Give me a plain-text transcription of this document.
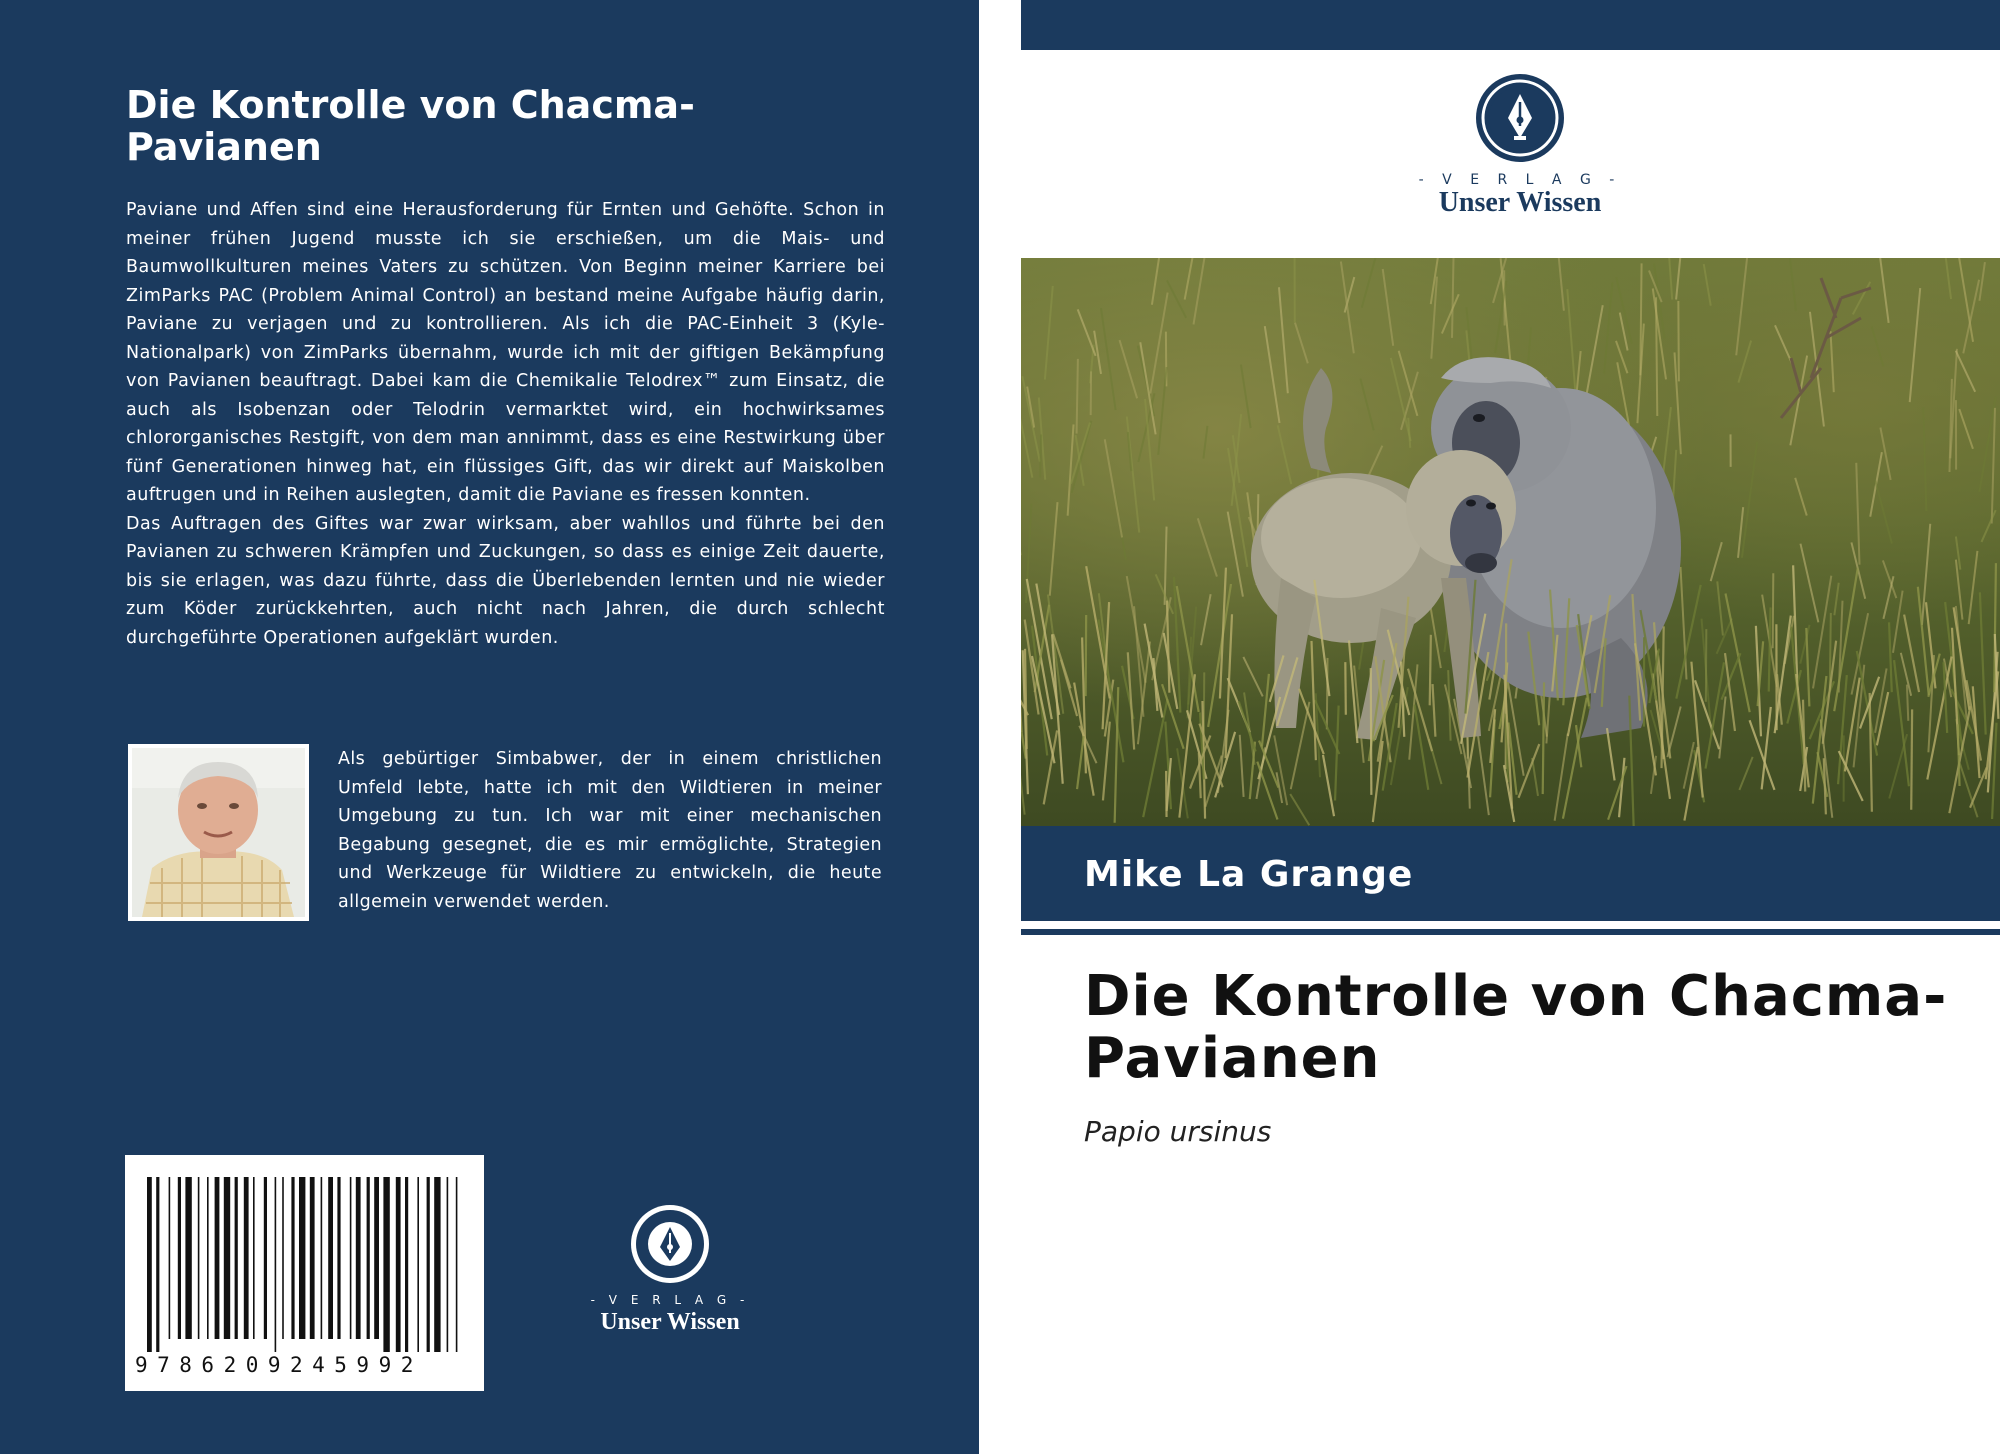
Die Kontrolle von Chacma-Pavianen

Paviane und Affen sind eine Herausforderung für Ernten und Gehöfte. Schon in meiner frühen Jugend musste ich sie erschießen, um die Mais- und Baumwollkulturen meines Vaters zu schützen. Von Beginn meiner Karriere bei ZimParks PAC (Problem Animal Control) an bestand meine Aufgabe häufig darin, Paviane zu verjagen und zu kontrollieren. Als ich die PAC-Einheit 3 (Kyle-Nationalpark) von ZimParks übernahm, wurde ich mit der giftigen Bekämpfung von Pavianen beauftragt. Dabei kam die Chemikalie Telodrex™ zum Einsatz, die auch als Isobenzan oder Telodrin vermarktet wird, ein hochwirksames chlororganisches Restgift, von dem man annimmt, dass es eine Restwirkung über fünf Generationen hinweg hat, ein flüssiges Gift, das wir direkt auf Maiskolben auftrugen und in Reihen auslegten, damit die Paviane es fressen konnten.

Das Auftragen des Giftes war zwar wirksam, aber wahllos und führte bei den Pavianen zu schweren Krämpfen und Zuckungen, so dass es einige Zeit dauerte, bis sie erlagen, was dazu führte, dass die Überlebenden lernten und nie wieder zum Köder zurückkehrten, auch nicht nach Jahren, die durch schlecht durchgeführte Operationen aufgeklärt wurden.

Als gebürtiger Simbabwer, der in einem christlichen Umfeld lebte, hatte ich mit den Wildtieren in meiner Umgebung zu tun. Ich war mit einer mechanischen Begabung gesegnet, die es mir ermöglichte, Strategien und Werkzeuge für Wildtiere zu entwickeln, die heute allgemein verwendet werden.
9786209245992
- V E R L A G -
Unser Wissen
- V E R L A G -
Unser Wissen
Mike La Grange
Die Kontrolle von Chacma-Pavianen
Papio ursinus
